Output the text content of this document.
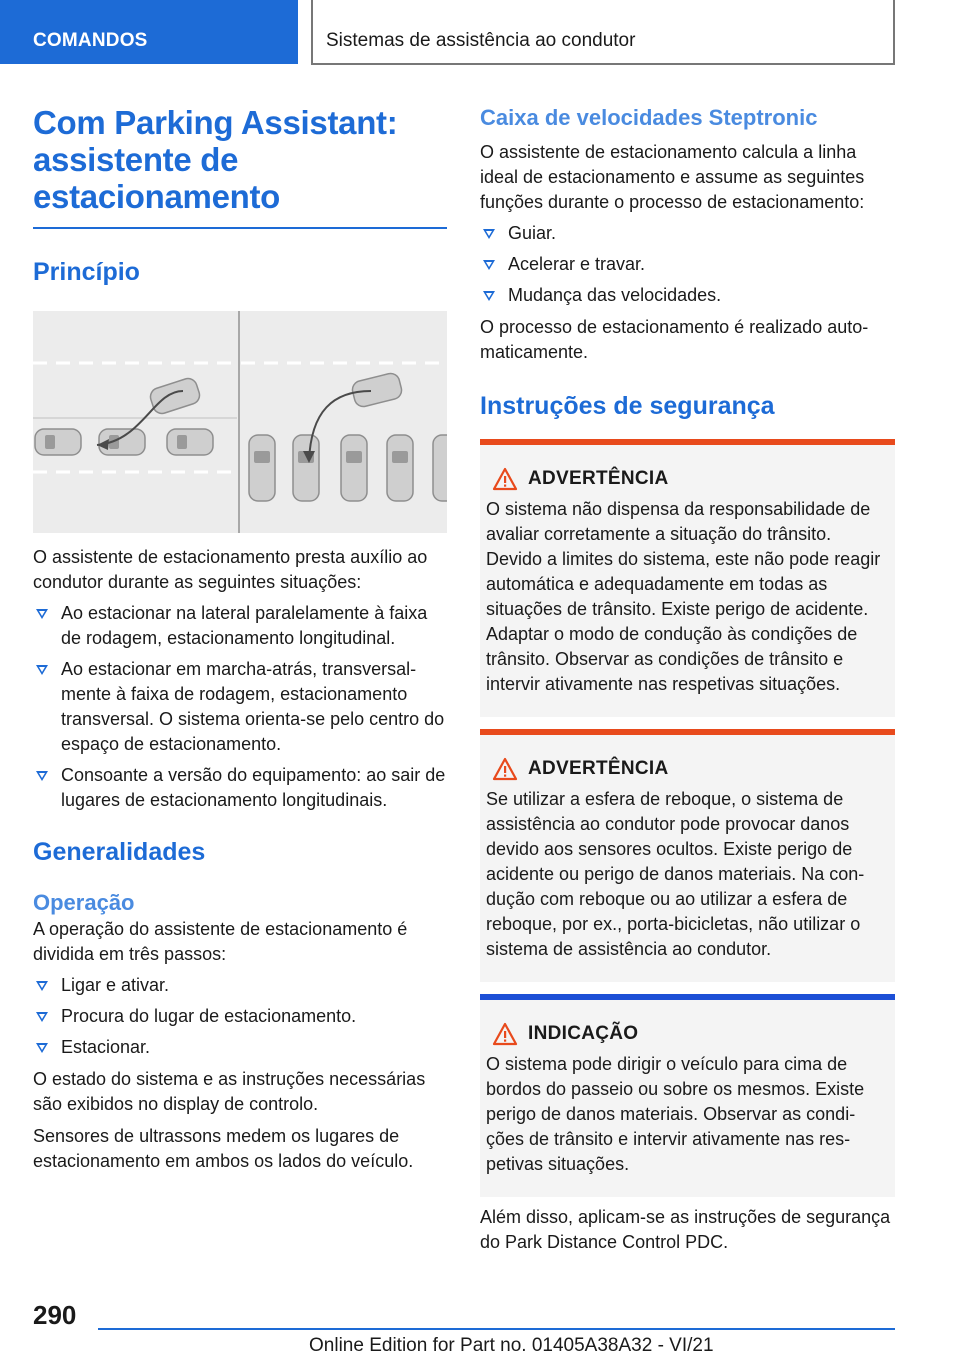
COMANDOS	Sistemas de assistência ao condutor
Com Parking Assistant: assistente de estacionamento
Princípio

O assistente de estacionamento presta auxílio ao condutor durante as seguintes situações:

Ao estacionar na lateral paralelamente à faixa de rodagem, estacionamento longitudinal.
Ao estacionar em marcha-atrás, transversalmente à faixa de rodagem, estacionamento transversal. O sistema orienta-se pelo centro do espaço de estacionamento.
Consoante a versão do equipamento: ao sair de lugares de estacionamento longitudinais.
Generalidades
Operação

A operação do assistente de estacionamento é dividida em três passos:

Ligar e ativar.
Procura do lugar de estacionamento.
Estacionar.

O estado do sistema e as instruções necessárias são exibidos no display de controlo.

Sensores de ultrassons medem os lugares de estacionamento em ambos os lados do veículo.

Caixa de velocidades Steptronic

O assistente de estacionamento calcula a linha ideal de estacionamento e assume as seguintes funções durante o processo de estacionamento:

Guiar.
Acelerar e travar.
Mudança das velocidades.

O processo de estacionamento é realizado automaticamente.

Instruções de segurança
ADVERTÊNCIA

O sistema não dispensa da responsabilidade de avaliar corretamente a situação do trânsito. Devido a limites do sistema, este não pode reagir automática e adequadamente em todas as situações de trânsito. Existe perigo de acidente. Adaptar o modo de condução às condições de trânsito. Observar as condições de trânsito e intervir ativamente nas respetivas situações.

ADVERTÊNCIA

Se utilizar a esfera de reboque, o sistema de assistência ao condutor pode provocar danos devido aos sensores ocultos. Existe perigo de acidente ou perigo de danos materiais. Na condução com reboque ou ao utilizar a esfera de reboque, por ex., porta-bicicletas, não utilizar o sistema de assistência ao condutor.

INDICAÇÃO

O sistema pode dirigir o veículo para cima de bordos do passeio ou sobre os mesmos. Existe perigo de danos materiais. Observar as condições de trânsito e intervir ativamente nas respetivas situações.

Além disso, aplicam-se as instruções de segurança do Park Distance Control PDC.

290
Online Edition for Part no. 01405A38A32 - VI/21
